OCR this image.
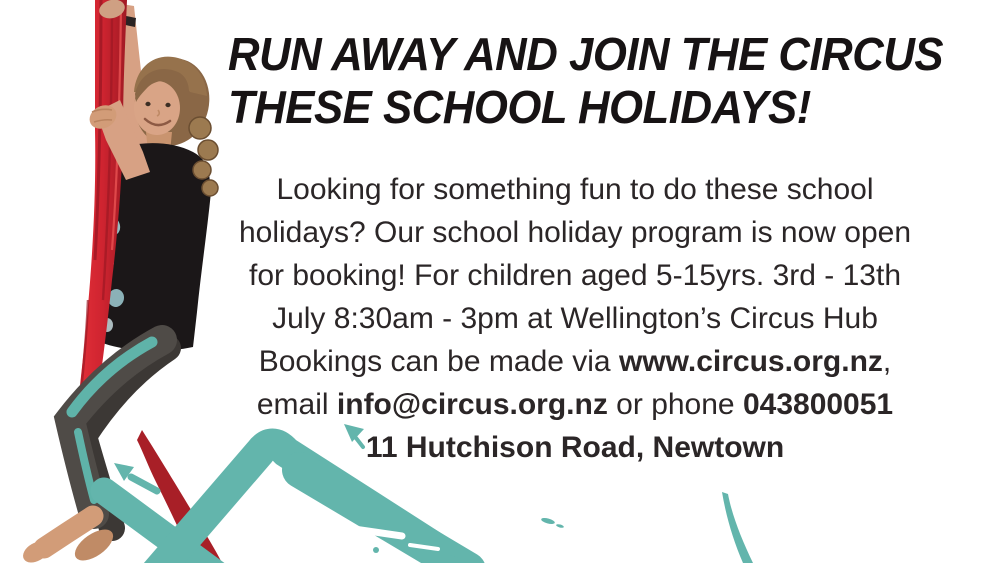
RUN AWAY AND JOIN THE CIRCUS
THESE SCHOOL HOLIDAYS!
Looking for something fun to do these school
holidays? Our school holiday program is now open
for booking! For children aged 5-15yrs. 3rd - 13th
July 8:30am - 3pm at Wellington’s Circus Hub
Bookings can be made via www.circus.org.nz,
email info@circus.org.nz or phone 043800051
11 Hutchison Road, Newtown
